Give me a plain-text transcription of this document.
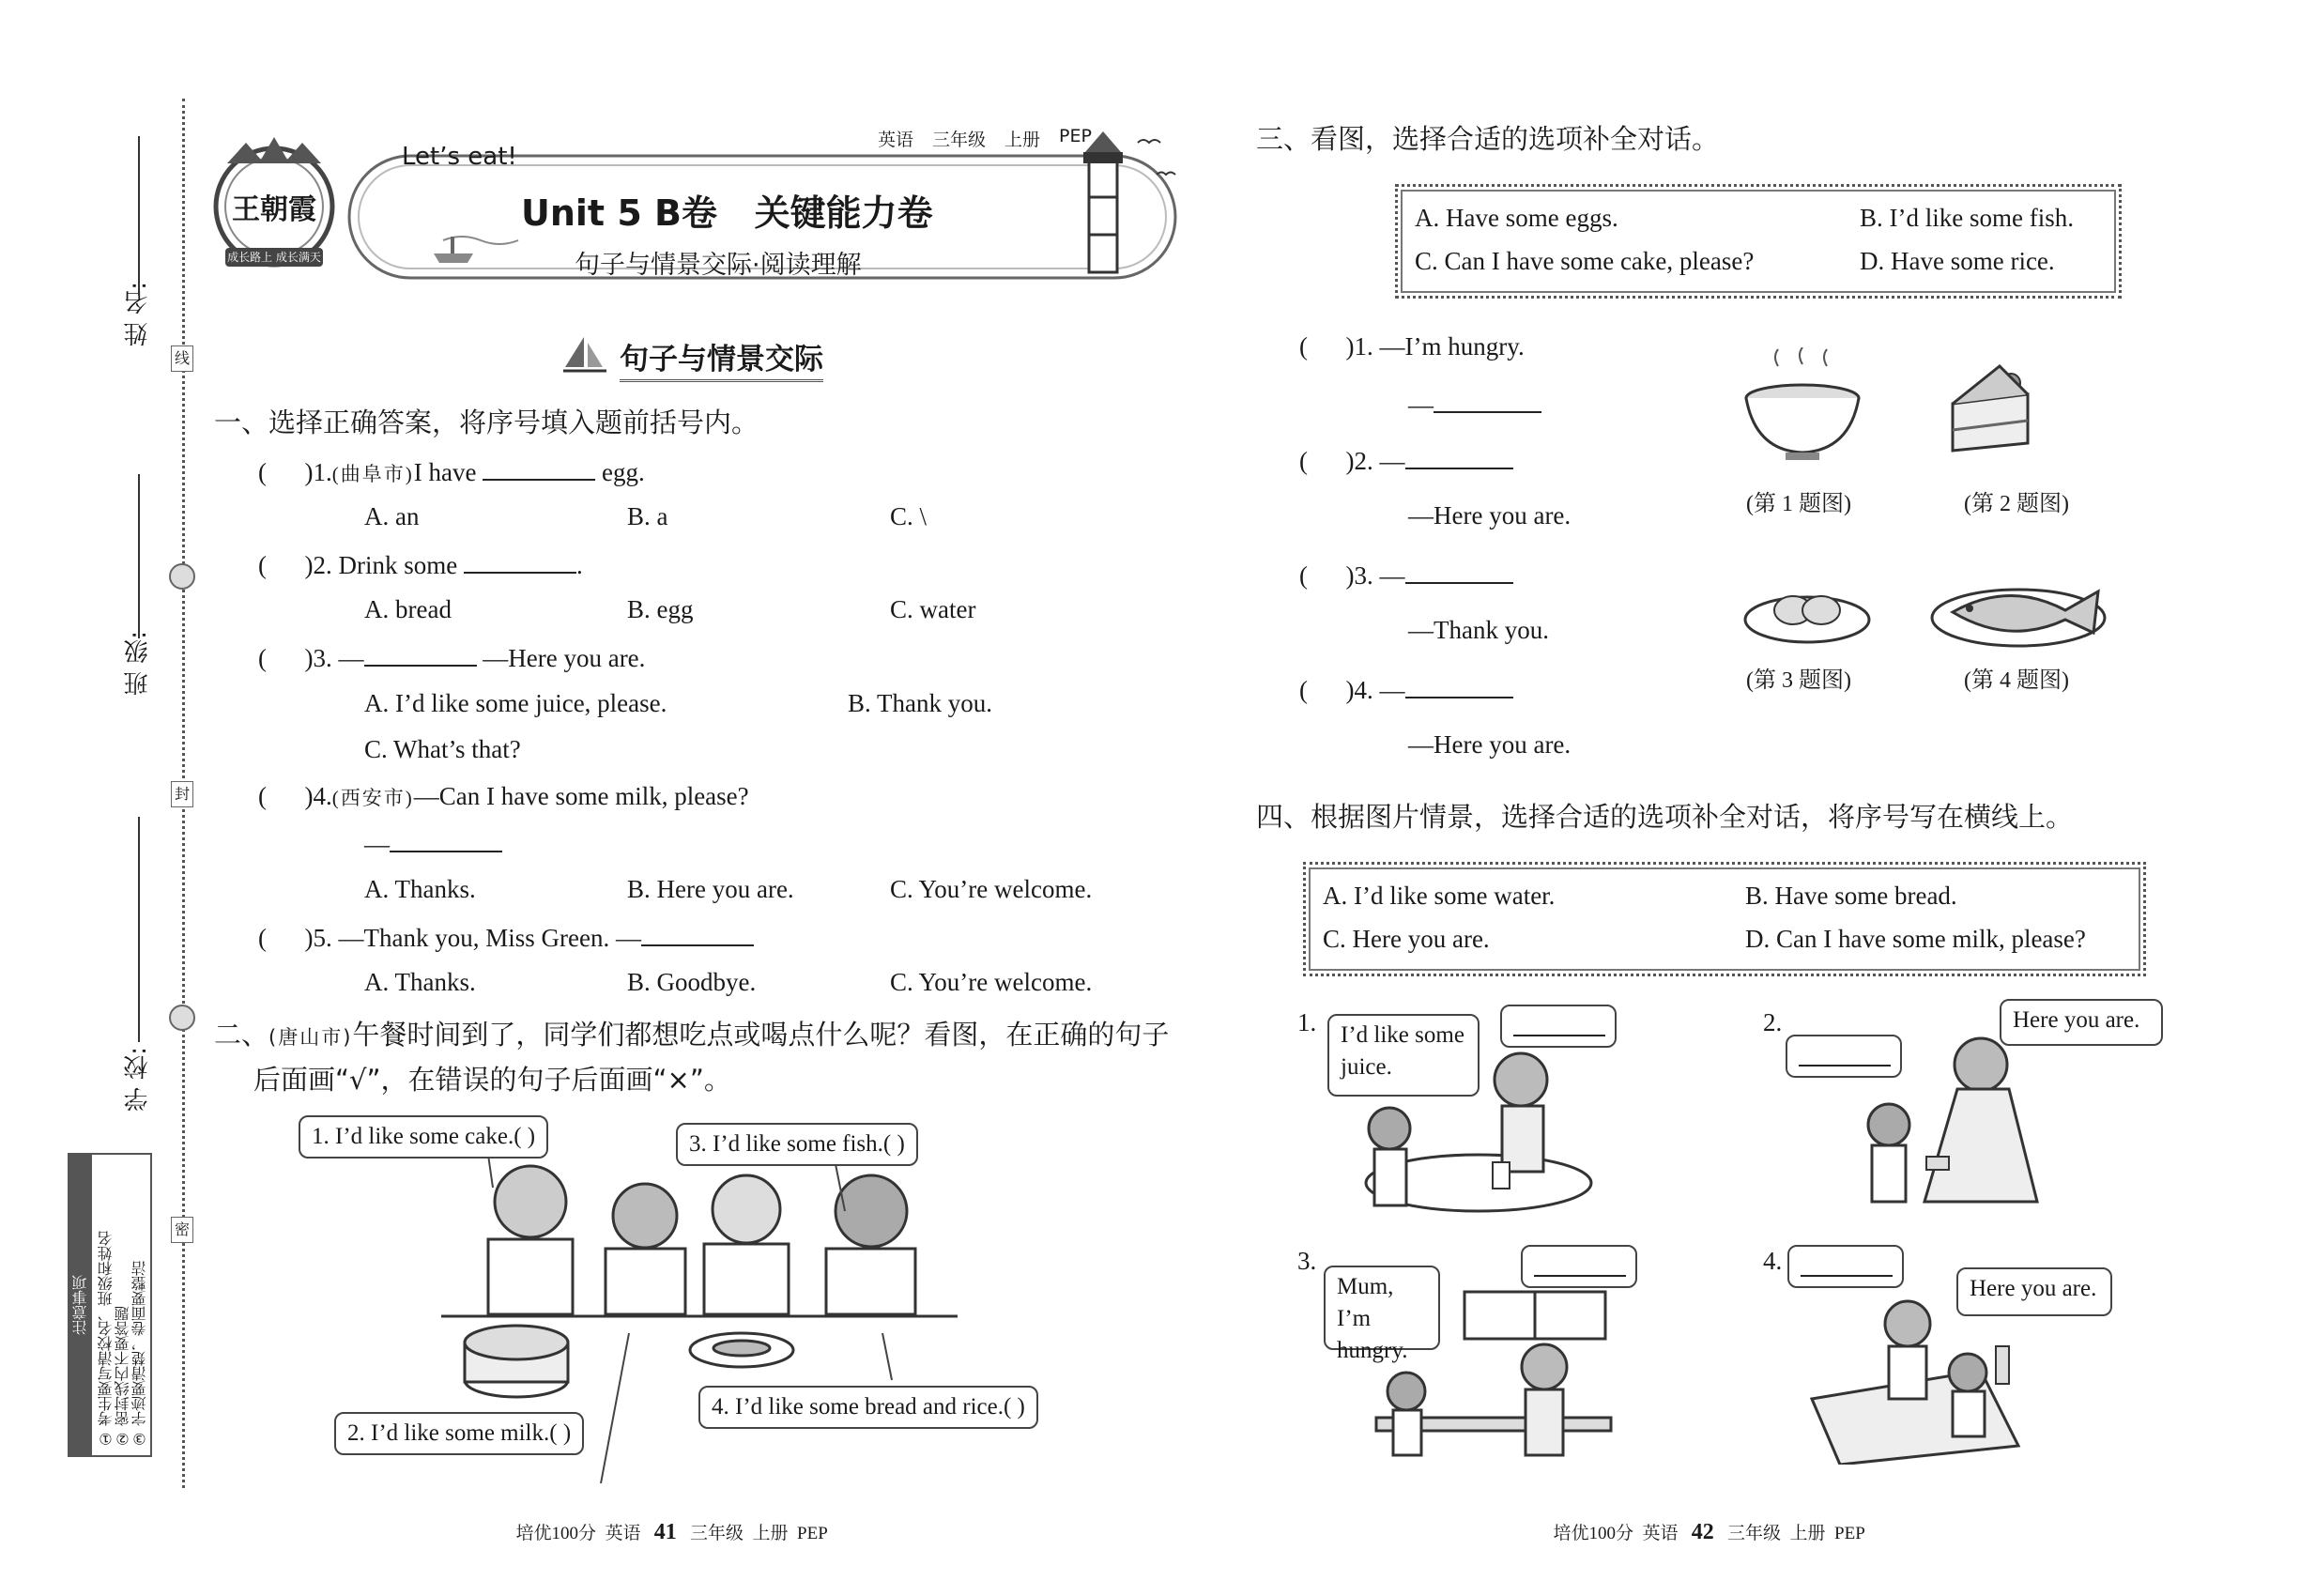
姓 名:
班 级:
学 校:
线
封
密
注意事项 ① 考生要写清校名、班级和姓名 ② 密封线内不要答题 ③ 字迹要清楚，卷面要整洁
王朝霞
成长路上 成长满天
Let’s eat!
英语 三年级 上册 PEP
Unit 5 B卷   关键能力卷
句子与情景交际·阅读理解
句子与情景交际
一、选择正确答案，将序号填入题前括号内。
(      )1.(曲阜市)I have	egg.
A. an	B. a	C. \
(      )2. Drink some	.
A. bread	B. egg	C. water
(      )3. —	—Here you are.
A. I’d like some juice, please.	B. Thank you.
C. What’s that?
(      )4.(西安市)—Can I have some milk, please?
—
A. Thanks.	B. Here you are.	C. You’re welcome.
(      )5. —Thank you, Miss Green. —
A. Thanks.	B. Goodbye.	C. You’re welcome.
二、(唐山市)午餐时间到了，同学们都想吃点或喝点什么呢？看图，在正确的句子
后面画“√”，在错误的句子后面画“×”。
1. I’d like some cake.( )
2. I’d like some milk.( )
3. I’d like some fish.( )
4. I’d like some bread and rice.( )

培优100分  英语 41 三年级  上册  PEP

三、看图，选择合适的选项补全对话。
A. Have some eggs.	B. I’d like some fish.
C. Can I have some cake, please?	D. Have some rice.
(      )1. —I’m hungry.
—
(      )2. —
—Here you are.
(      )3. —
—Thank you.
(      )4. —
—Here you are.
(第 1 题图)	(第 2 题图)
(第 3 题图)	(第 4 题图)
四、根据图片情景，选择合适的选项补全对话，将序号写在横线上。
A. I’d like some water.	B. Have some bread.
C. Here you are.	D. Can I have some milk, please?
1.	I’d like some juice.
2.	Here you are.
3.
Mum, I’m hungry.
4.
Here you are.

培优100分  英语 42 三年级  上册  PEP
